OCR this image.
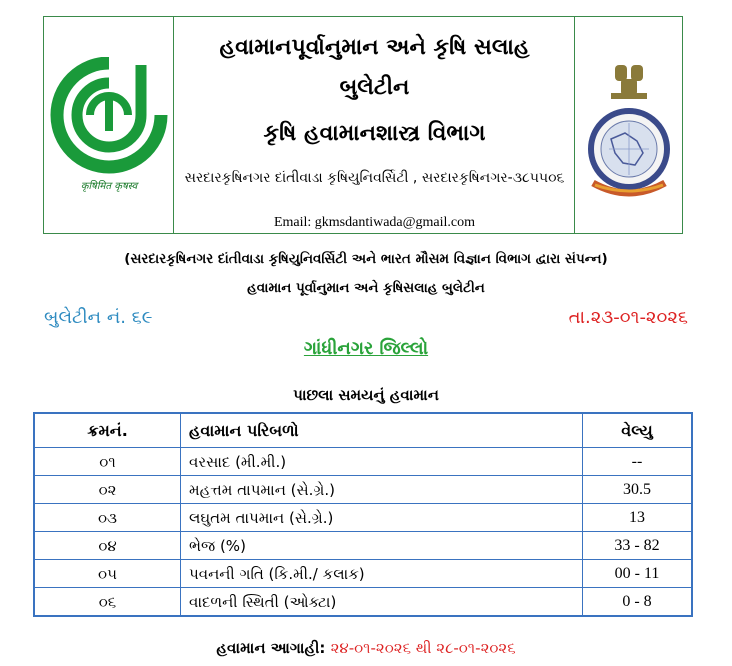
कृषिमित कृषस्व
હવામાનપૂર્વાનુમાન અને કૃષિ સલાહ
બુલેટીન
કૃષિ હવામાનશાસ્ત્ર વિભાગ
સરદારકૃષિનગર દાંતીવાડા કૃષિયુનિવર્સિટી , સરદારકૃષિનગર-૩૮૫૫૦૬
Email: gkmsdantiwada@gmail.com
(સરદારકૃષિનગર દાંતીવાડા કૃષિયુનિવર્સિટી અને ભારત મૌસમ વિજ્ઞાન વિભાગ દ્વારા સંપન્ન)
હવામાન પૂર્વાનુમાન અને કૃષિસલાહ બુલેટીન
બુલેટીન નં. ૬૯	તા.૨૩-૦૧-૨૦૨૬
ગાંધીનગર જિલ્લો
પાછલા સમયનું હવામાન
ક્રમનં.	હવામાન પરિબળો	વેલ્યુ
૦૧	વરસાદ (મી.મી.)	--
૦૨	મહત્તમ તાપમાન (સે.ગ્રે.)	30.5
૦૩	લઘુતમ તાપમાન (સે.ગ્રે.)	13
૦૪	ભેજ (%)	33 - 82
૦૫	પવનની ગતિ (કિ.મી./ કલાક)	00 - 11
૦૬	વાદળની સ્થિતી (ઓક્ટા)	0 - 8
હવામાન આગાહી: ૨૪-૦૧-૨૦૨૬ થી ૨૮-૦૧-૨૦૨૬
